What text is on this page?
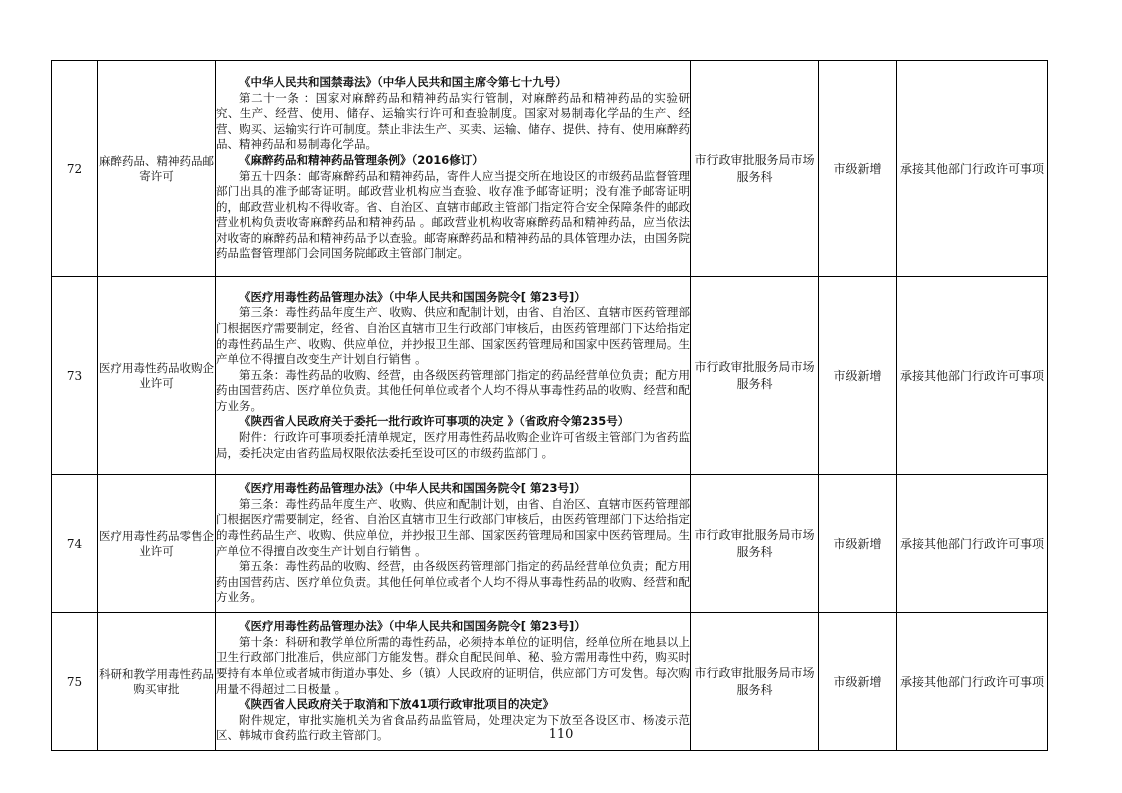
72	麻醉药品、精神药品邮寄许可	《中华人民共和国禁毒法》（中华人民共和国主席令第七十九号）

第二十一条 ：国家对麻醉药品和精神药品实行管制，对麻醉药品和精神药品的实验研究、生产、经营、使用、储存、运输实行许可和查验制度。国家对易制毒化学品的生产、经营、购买、运输实行许可制度。禁止非法生产、买卖、运输、储存、提供、持有、使用麻醉药品、精神药品和易制毒化学品。

《麻醉药品和精神药品管理条例》（2016修订）

第五十四条：邮寄麻醉药品和精神药品，寄件人应当提交所在地设区的市级药品监督管理部门出具的准予邮寄证明。邮政营业机构应当查验、收存准予邮寄证明；没有准予邮寄证明的，邮政营业机构不得收寄。省、自治区、直辖市邮政主管部门指定符合安全保障条件的邮政营业机构负责收寄麻醉药品和精神药品 。邮政营业机构收寄麻醉药品和精神药品，应当依法对收寄的麻醉药品和精神药品予以查验。邮寄麻醉药品和精神药品的具体管理办法，由国务院药品监督管理部门会同国务院邮政主管部门制定。	市行政审批服务局市场服务科	市级新增	承接其他部门行政许可事项
73	医疗用毒性药品收购企业许可	《医疗用毒性药品管理办法》（中华人民共和国国务院令[ 第23号]）

第三条：毒性药品年度生产、收购、供应和配制计划，由省、自治区、直辖市医药管理部门根据医疗需要制定，经省、自治区直辖市卫生行政部门审核后，由医药管理部门下达给指定的毒性药品生产、收购、供应单位，并抄报卫生部、国家医药管理局和国家中医药管理局。生产单位不得擅自改变生产计划自行销售 。

第五条：毒性药品的收购、经营，由各级医药管理部门指定的药品经营单位负责；配方用药由国营药店、医疗单位负责。其他任何单位或者个人均不得从事毒性药品的收购、经营和配方业务。

《陕西省人民政府关于委托一批行政许可事项的决定 》（省政府令第235号）

附件：行政许可事项委托清单规定，医疗用毒性药品收购企业许可省级主管部门为省药监局，委托决定由省药监局权限依法委托至设可区的市级药监部门 。	市行政审批服务局市场服务科	市级新增	承接其他部门行政许可事项
74	医疗用毒性药品零售企业许可	《医疗用毒性药品管理办法》（中华人民共和国国务院令[ 第23号]）

第三条：毒性药品年度生产、收购、供应和配制计划，由省、自治区、直辖市医药管理部门根据医疗需要制定，经省、自治区直辖市卫生行政部门审核后，由医药管理部门下达给指定的毒性药品生产、收购、供应单位，并抄报卫生部、国家医药管理局和国家中医药管理局。生产单位不得擅自改变生产计划自行销售 。

第五条：毒性药品的收购、经营，由各级医药管理部门指定的药品经营单位负责；配方用药由国营药店、医疗单位负责。其他任何单位或者个人均不得从事毒性药品的收购、经营和配方业务。	市行政审批服务局市场服务科	市级新增	承接其他部门行政许可事项
75	科研和教学用毒性药品购买审批	《医疗用毒性药品管理办法》（中华人民共和国国务院令[ 第23号]）

第十条：科研和教学单位所需的毒性药品，必须持本单位的证明信，经单位所在地县以上卫生行政部门批准后，供应部门方能发售。群众自配民间单、秘、验方需用毒性中药，购买时要持有本单位或者城市街道办事处、乡（镇）人民政府的证明信，供应部门方可发售。每次购用量不得超过二日极量 。

《陕西省人民政府关于取消和下放41项行政审批项目的决定》

附件规定，审批实施机关为省食品药品监管局，处理决定为下放至各设区市、杨凌示范区、韩城市食药监行政主管部门。	市行政审批服务局市场服务科	市级新增	承接其他部门行政许可事项
110
